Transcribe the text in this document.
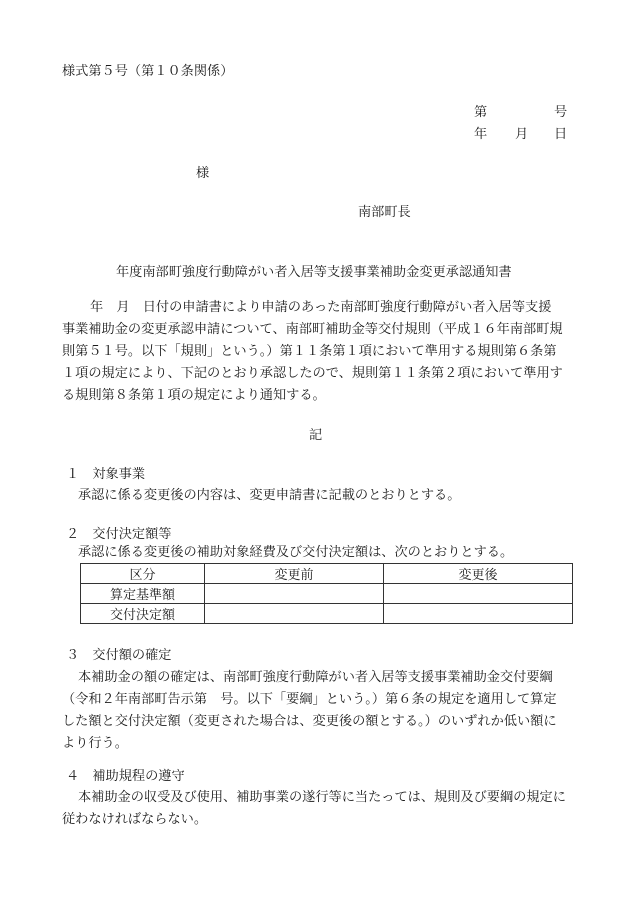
様式第５号（第１０条関係）

第	号

年 月 日

様

南部町長

年度南部町強度行動障がい者入居等支援事業補助金変更承認通知書

年　月　日付の申請書により申請のあった南部町強度行動障がい者入居等支援

事業補助金の変更承認申請について、南部町補助金等交付規則（平成１６年南部町規

則第５１号。以下「規則」という。）第１１条第１項において準用する規則第６条第

１項の規定により、下記のとおり承認したので、規則第１１条第２項において準用す

る規則第８条第１項の規定により通知する。

記

１　対象事業

承認に係る変更後の内容は、変更申請書に記載のとおりとする。

２　交付決定額等

承認に係る変更後の補助対象経費及び交付決定額は、次のとおりとする。

区分	変更前	変更後
算定基準額		
交付決定額		

３　交付額の確定

本補助金の額の確定は、南部町強度行動障がい者入居等支援事業補助金交付要綱

（令和２年南部町告示第　号。以下「要綱」という。）第６条の規定を適用して算定

した額と交付決定額（変更された場合は、変更後の額とする。）のいずれか低い額に

より行う。

４　補助規程の遵守

本補助金の収受及び使用、補助事業の遂行等に当たっては、規則及び要綱の規定に

従わなければならない。
